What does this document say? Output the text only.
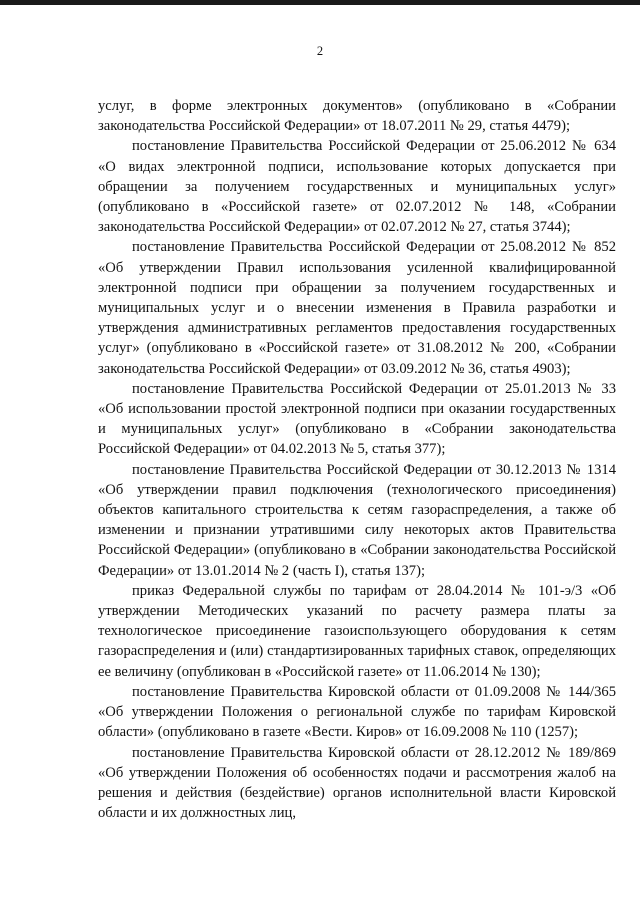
2

услуг, в форме электронных документов» (опубликовано в «Собрании законодательства Российской Федерации» от 18.07.2011 № 29, статья 4479);

постановление Правительства Российской Федерации от 25.06.2012 № 634 «О видах электронной подписи, использование которых допускается при обращении за получением государственных и муниципальных услуг» (опубликовано в «Российской газете» от 02.07.2012 № 148, «Собрании законодательства Российской Федерации» от 02.07.2012 № 27, статья 3744);

постановление Правительства Российской Федерации от 25.08.2012 № 852 «Об утверждении Правил использования усиленной квалифицированной электронной подписи при обращении за получением государственных и муниципальных услуг и о внесении изменения в Правила разработки и утверждения административных регламентов предоставления государственных услуг» (опубликовано в «Российской газете» от 31.08.2012 № 200, «Собрании законодательства Российской Федерации» от 03.09.2012 № 36, статья 4903);

постановление Правительства Российской Федерации от 25.01.2013 № 33 «Об использовании простой электронной подписи при оказании государственных и муниципальных услуг» (опубликовано в «Собрании законодательства Российской Федерации» от 04.02.2013 № 5, статья 377);

постановление Правительства Российской Федерации от 30.12.2013 № 1314 «Об утверждении правил подключения (технологического присоединения) объектов капитального строительства к сетям газораспределения, а также об изменении и признании утратившими силу некоторых актов Правительства Российской Федерации» (опубликовано в «Собрании законодательства Российской Федерации» от 13.01.2014 № 2 (часть I), статья 137);

приказ Федеральной службы по тарифам от 28.04.2014 № 101-э/3 «Об утверждении Методических указаний по расчету размера платы за технологическое присоединение газоиспользующего оборудования к сетям газораспределения и (или) стандартизированных тарифных ставок, определяющих ее величину (опубликован в «Российской газете» от 11.06.2014 № 130);

постановление Правительства Кировской области от 01.09.2008 № 144/365 «Об утверждении Положения о региональной службе по тарифам Кировской области» (опубликовано в газете «Вести. Киров» от 16.09.2008 № 110 (1257);

постановление Правительства Кировской области от 28.12.2012 № 189/869 «Об утверждении Положения об особенностях подачи и рассмотрения жалоб на решения и действия (бездействие) органов исполнительной власти Кировской области и их должностных лиц,
